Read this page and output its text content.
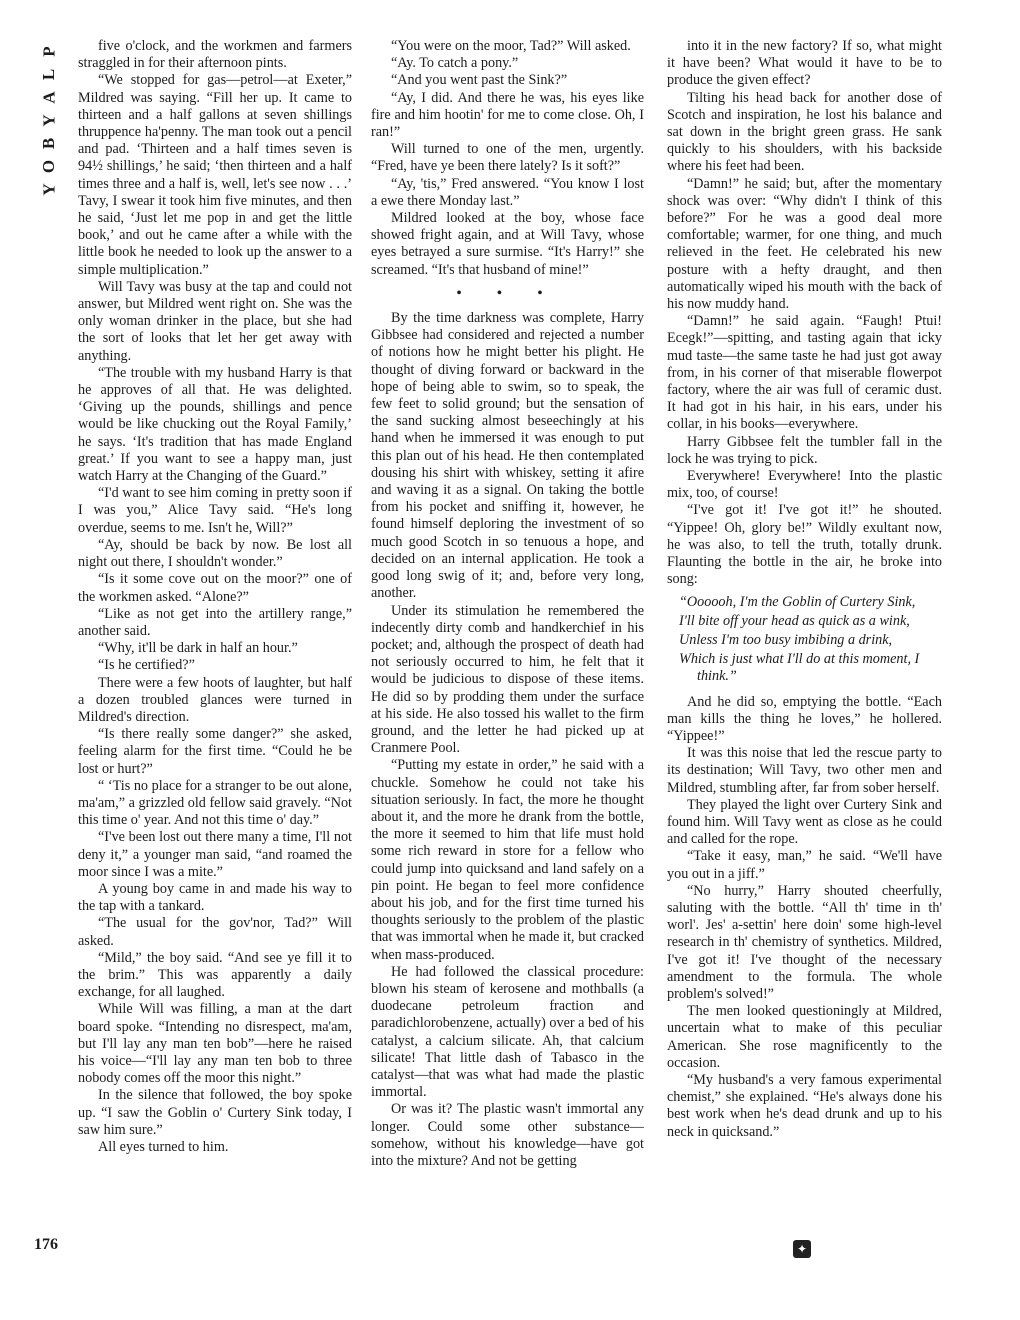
P
L
A
Y
B
O
Y
176

five o'clock, and the workmen and farmers straggled in for their afternoon pints.

“We stopped for gas—petrol—at Exeter,” Mildred was saying. “Fill her up. It came to thirteen and a half gallons at seven shillings thruppence ha'penny. The man took out a pencil and pad. ‘Thirteen and a half times seven is 94½ shillings,’ he said; ‘then thirteen and a half times three and a half is, well, let's see now . . .’ Tavy, I swear it took him five minutes, and then he said, ‘Just let me pop in and get the little book,’ and out he came after a while with the little book he needed to look up the answer to a simple multiplication.”

Will Tavy was busy at the tap and could not answer, but Mildred went right on. She was the only woman drinker in the place, but she had the sort of looks that let her get away with anything.

“The trouble with my husband Harry is that he approves of all that. He was delighted. ‘Giving up the pounds, shillings and pence would be like chucking out the Royal Family,’ he says. ‘It's tradition that has made England great.’ If you want to see a happy man, just watch Harry at the Changing of the Guard.”

“I'd want to see him coming in pretty soon if I was you,” Alice Tavy said. “He's long overdue, seems to me. Isn't he, Will?”

“Ay, should be back by now. Be lost all night out there, I shouldn't wonder.”

“Is it some cove out on the moor?” one of the workmen asked. “Alone?”

“Like as not get into the artillery range,” another said.

“Why, it'll be dark in half an hour.”

“Is he certified?”

There were a few hoots of laughter, but half a dozen troubled glances were turned in Mildred's direction.

“Is there really some danger?” she asked, feeling alarm for the first time. “Could he be lost or hurt?”

“ ‘Tis no place for a stranger to be out alone, ma'am,” a grizzled old fellow said gravely. “Not this time o' year. And not this time o' day.”

“I've been lost out there many a time, I'll not deny it,” a younger man said, “and roamed the moor since I was a mite.”

A young boy came in and made his way to the tap with a tankard.

“The usual for the gov'nor, Tad?” Will asked.

“Mild,” the boy said. “And see ye fill it to the brim.” This was apparently a daily exchange, for all laughed.

While Will was filling, a man at the dart board spoke. “Intending no disrespect, ma'am, but I'll lay any man ten bob”—here he raised his voice—“I'll lay any man ten bob to three nobody comes off the moor this night.”

In the silence that followed, the boy spoke up. “I saw the Goblin o' Curtery Sink today, I saw him sure.”

All eyes turned to him.

“You were on the moor, Tad?” Will asked.

“Ay. To catch a pony.”

“And you went past the Sink?”

“Ay, I did. And there he was, his eyes like fire and him hootin' for me to come close. Oh, I ran!”

Will turned to one of the men, urgently. “Fred, have ye been there lately? Is it soft?”

“Ay, 'tis,” Fred answered. “You know I lost a ewe there Monday last.”

Mildred looked at the boy, whose face showed fright again, and at Will Tavy, whose eyes betrayed a sure surmise. “It's Harry!” she screamed. “It's that husband of mine!”

• • •

By the time darkness was complete, Harry Gibbsee had considered and rejected a number of notions how he might better his plight. He thought of diving forward or backward in the hope of being able to swim, so to speak, the few feet to solid ground; but the sensation of the sand sucking almost beseechingly at his hand when he immersed it was enough to put this plan out of his head. He then contemplated dousing his shirt with whiskey, setting it afire and waving it as a signal. On taking the bottle from his pocket and sniffing it, however, he found himself deploring the investment of so much good Scotch in so tenuous a hope, and decided on an internal application. He took a good long swig of it; and, before very long, another.

Under its stimulation he remembered the indecently dirty comb and handkerchief in his pocket; and, although the prospect of death had not seriously occurred to him, he felt that it would be judicious to dispose of these items. He did so by prodding them under the surface at his side. He also tossed his wallet to the firm ground, and the letter he had picked up at Cranmere Pool.

“Putting my estate in order,” he said with a chuckle. Somehow he could not take his situation seriously. In fact, the more he thought about it, and the more he drank from the bottle, the more it seemed to him that life must hold some rich reward in store for a fellow who could jump into quicksand and land safely on a pin point. He began to feel more confidence about his job, and for the first time turned his thoughts seriously to the problem of the plastic that was immortal when he made it, but cracked when mass-produced.

He had followed the classical procedure: blown his steam of kerosene and mothballs (a duodecane petroleum fraction and paradichlorobenzene, actually) over a bed of his catalyst, a calcium silicate. Ah, that calcium silicate! That little dash of Tabasco in the catalyst—that was what had made the plastic immortal.

Or was it? The plastic wasn't immortal any longer. Could some other substance—somehow, without his knowledge—have got into the mixture? And not be getting

into it in the new factory? If so, what might it have been? What would it have to be to produce the given effect?

Tilting his head back for another dose of Scotch and inspiration, he lost his balance and sat down in the bright green grass. He sank quickly to his shoulders, with his backside where his feet had been.

“Damn!” he said; but, after the momentary shock was over: “Why didn't I think of this before?” For he was a good deal more comfortable; warmer, for one thing, and much relieved in the feet. He celebrated his new posture with a hefty draught, and then automatically wiped his mouth with the back of his now muddy hand.

“Damn!” he said again. “Faugh! Ptui! Ecegk!”—spitting, and tasting again that icky mud taste—the same taste he had just got away from, in his corner of that miserable flowerpot factory, where the air was full of ceramic dust. It had got in his hair, in his ears, under his collar, in his books—everywhere.

Harry Gibbsee felt the tumbler fall in the lock he was trying to pick.

Everywhere! Everywhere! Into the plastic mix, too, of course!

“I've got it! I've got it!” he shouted. “Yippee! Oh, glory be!” Wildly exultant now, he was also, to tell the truth, totally drunk. Flaunting the bottle in the air, he broke into song:

“Oooooh, I'm the Goblin of Curtery Sink,

I'll bite off your head as quick as a wink,

Unless I'm too busy imbibing a drink,

Which is just what I'll do at this moment, I think.”

And he did so, emptying the bottle. “Each man kills the thing he loves,” he hollered. “Yippee!”

It was this noise that led the rescue party to its destination; Will Tavy, two other men and Mildred, stumbling after, far from sober herself.

They played the light over Curtery Sink and found him. Will Tavy went as close as he could and called for the rope.

“Take it easy, man,” he said. “We'll have you out in a jiff.”

“No hurry,” Harry shouted cheerfully, saluting with the bottle. “All th' time in th' worl'. Jes' a-settin' here doin' some high-level research in th' chemistry of synthetics. Mildred, I've got it! I've thought of the necessary amendment to the formula. The whole problem's solved!”

The men looked questioningly at Mildred, uncertain what to make of this peculiar American. She rose magnificently to the occasion.

“My husband's a very famous experimental chemist,” she explained. “He's always done his best work when he's dead drunk and up to his neck in quicksand.”

✦
